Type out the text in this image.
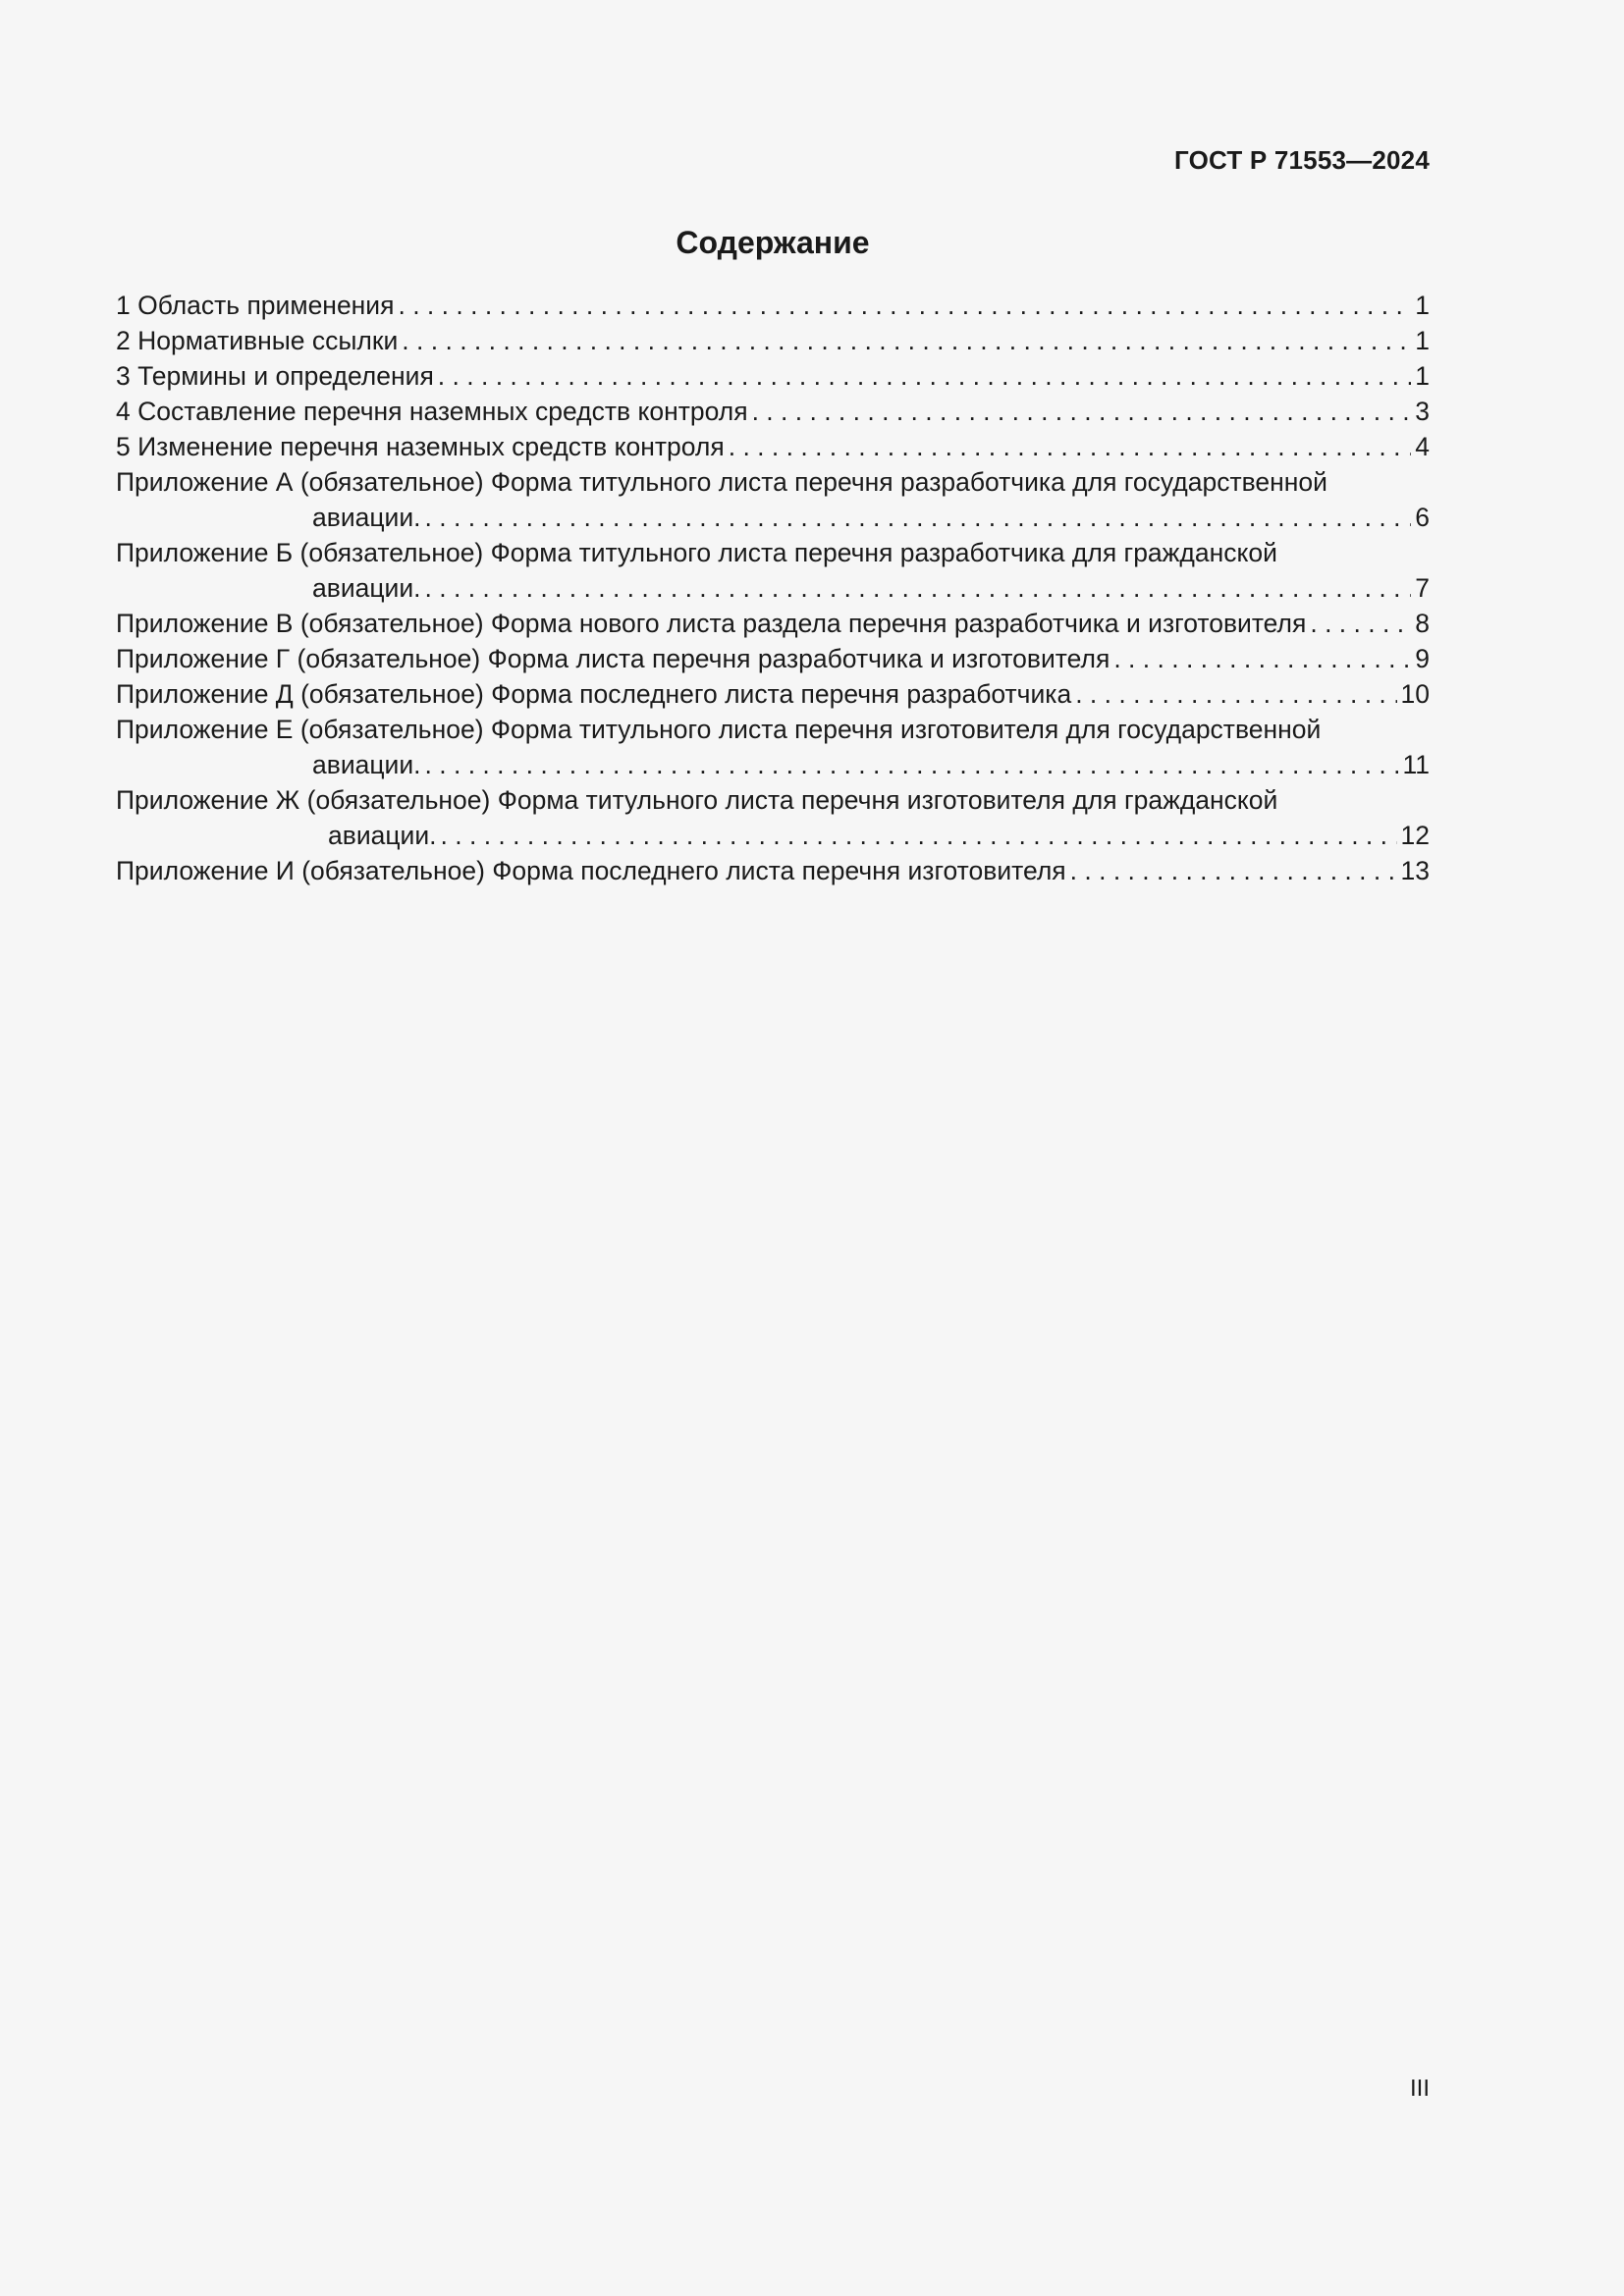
ГОСТ Р 71553—2024
Содержание
1 Область применения . . .	1
2 Нормативные ссылки . . .	1
3 Термины и определения . . .	1
4 Составление перечня наземных средств контроля . . .	3
5 Изменение перечня наземных средств контроля . . .	4
Приложение А (обязательное) Форма титульного листа перечня разработчика для государственной
авиации. . . .	6
Приложение Б (обязательное) Форма титульного листа перечня разработчика для гражданской
авиации. . . .	7
Приложение В (обязательное) Форма нового листа раздела перечня разработчика и изготовителя . . .	8
Приложение Г (обязательное) Форма листа перечня разработчика и изготовителя . . .	9
Приложение Д (обязательное) Форма последнего листа перечня разработчика . . .	10
Приложение Е (обязательное) Форма титульного листа перечня изготовителя для государственной
авиации. . . .	11
Приложение Ж (обязательное) Форма титульного листа перечня изготовителя для гражданской
авиации. . . .	12
Приложение И (обязательное) Форма последнего листа перечня изготовителя . . .	13
III
